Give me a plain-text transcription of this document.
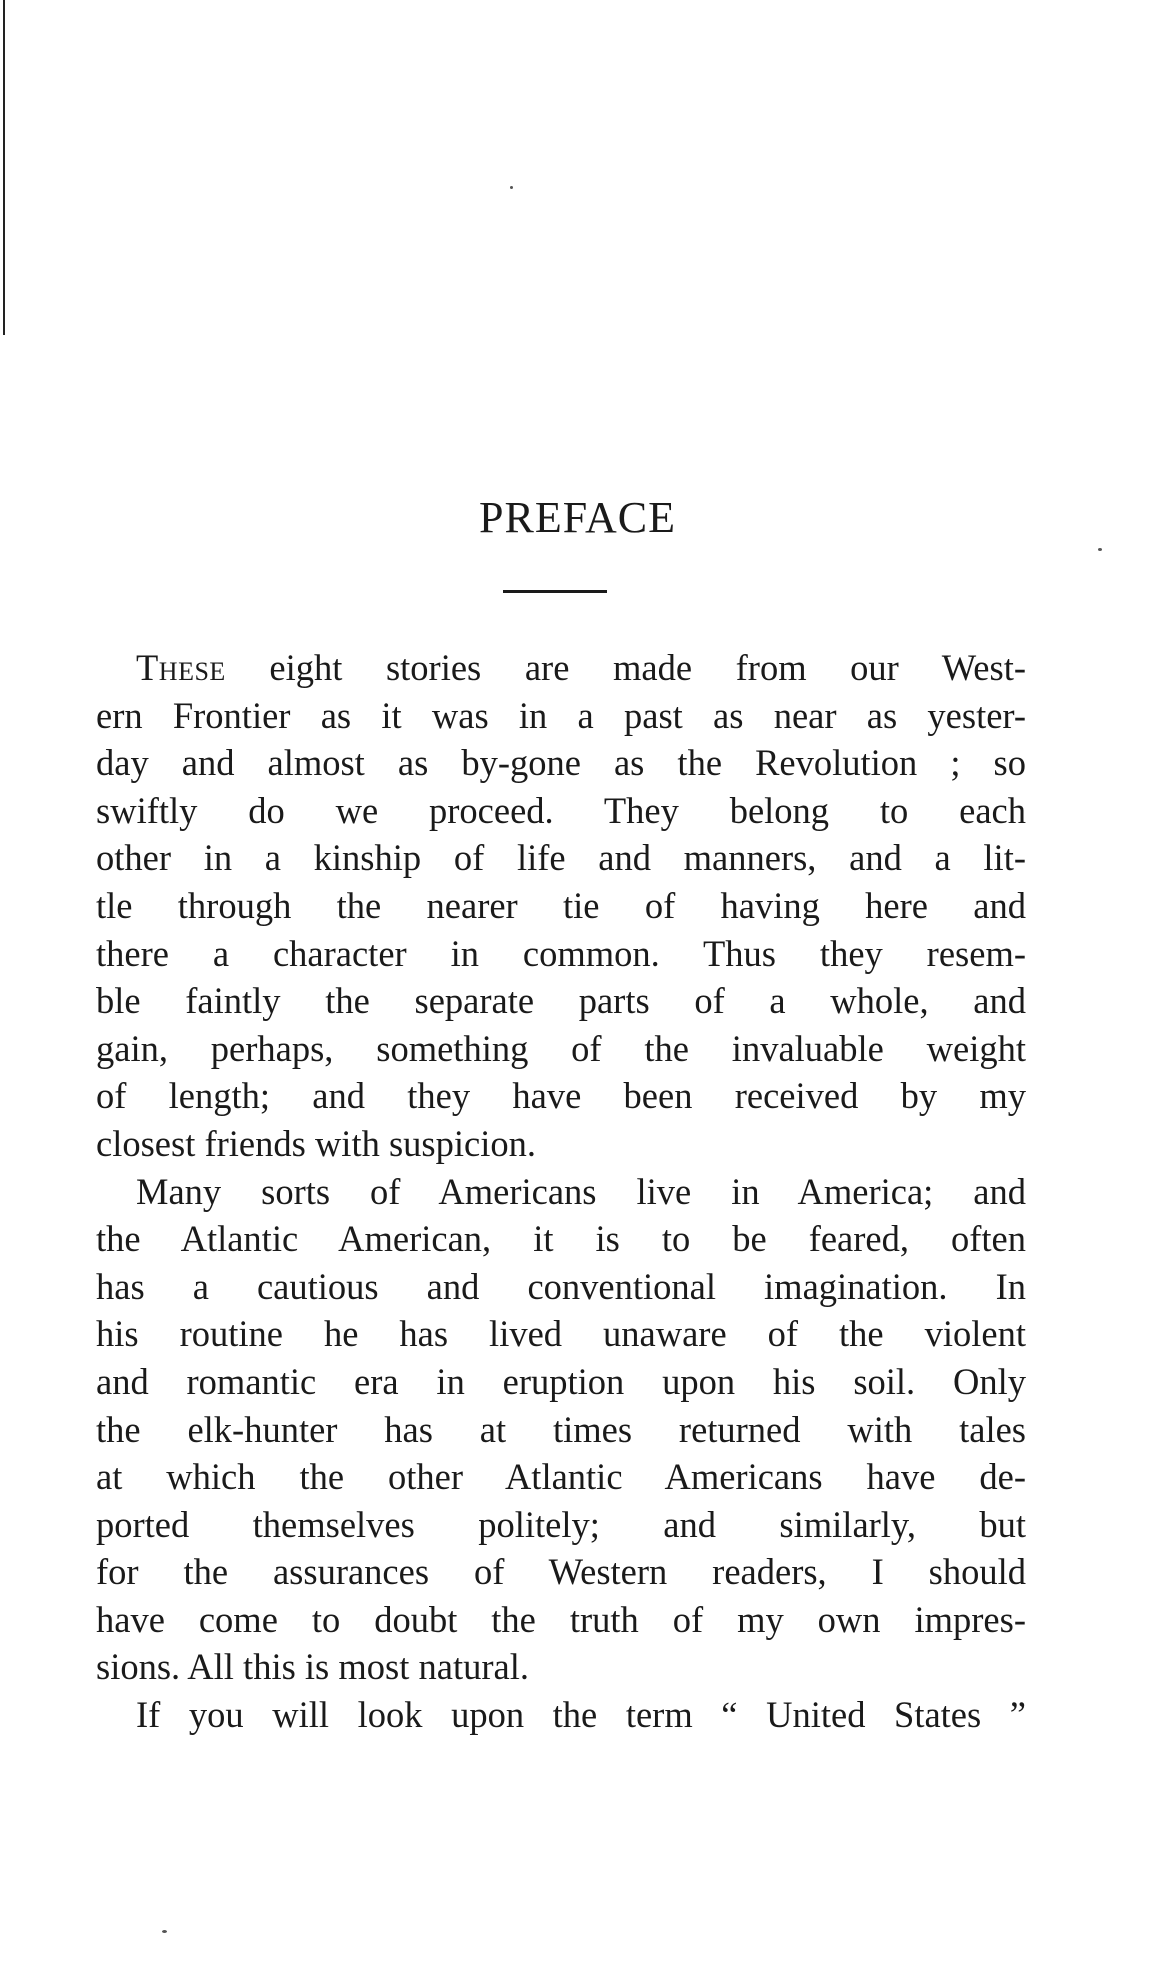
PREFACE

These eight stories are made from our West-
ern Frontier as it was in a past as near as yester-
day and almost as by-gone as the Revolution ; so
swiftly do we proceed. They belong to each
other in a kinship of life and manners, and a lit-
tle through the nearer tie of having here and
there a character in common. Thus they resem-
ble faintly the separate parts of a whole, and
gain, perhaps, something of the invaluable weight
of length; and they have been received by my
closest friends with suspicion.

Many sorts of Americans live in America; and
the Atlantic American, it is to be feared, often
has a cautious and conventional imagination. In
his routine he has lived unaware of the violent
and romantic era in eruption upon his soil. Only
the elk-hunter has at times returned with tales
at which the other Atlantic Americans have de-
ported themselves politely; and similarly, but
for the assurances of Western readers, I should
have come to doubt the truth of my own impres-
sions. All this is most natural.

If you will look upon the term “ United States ”
